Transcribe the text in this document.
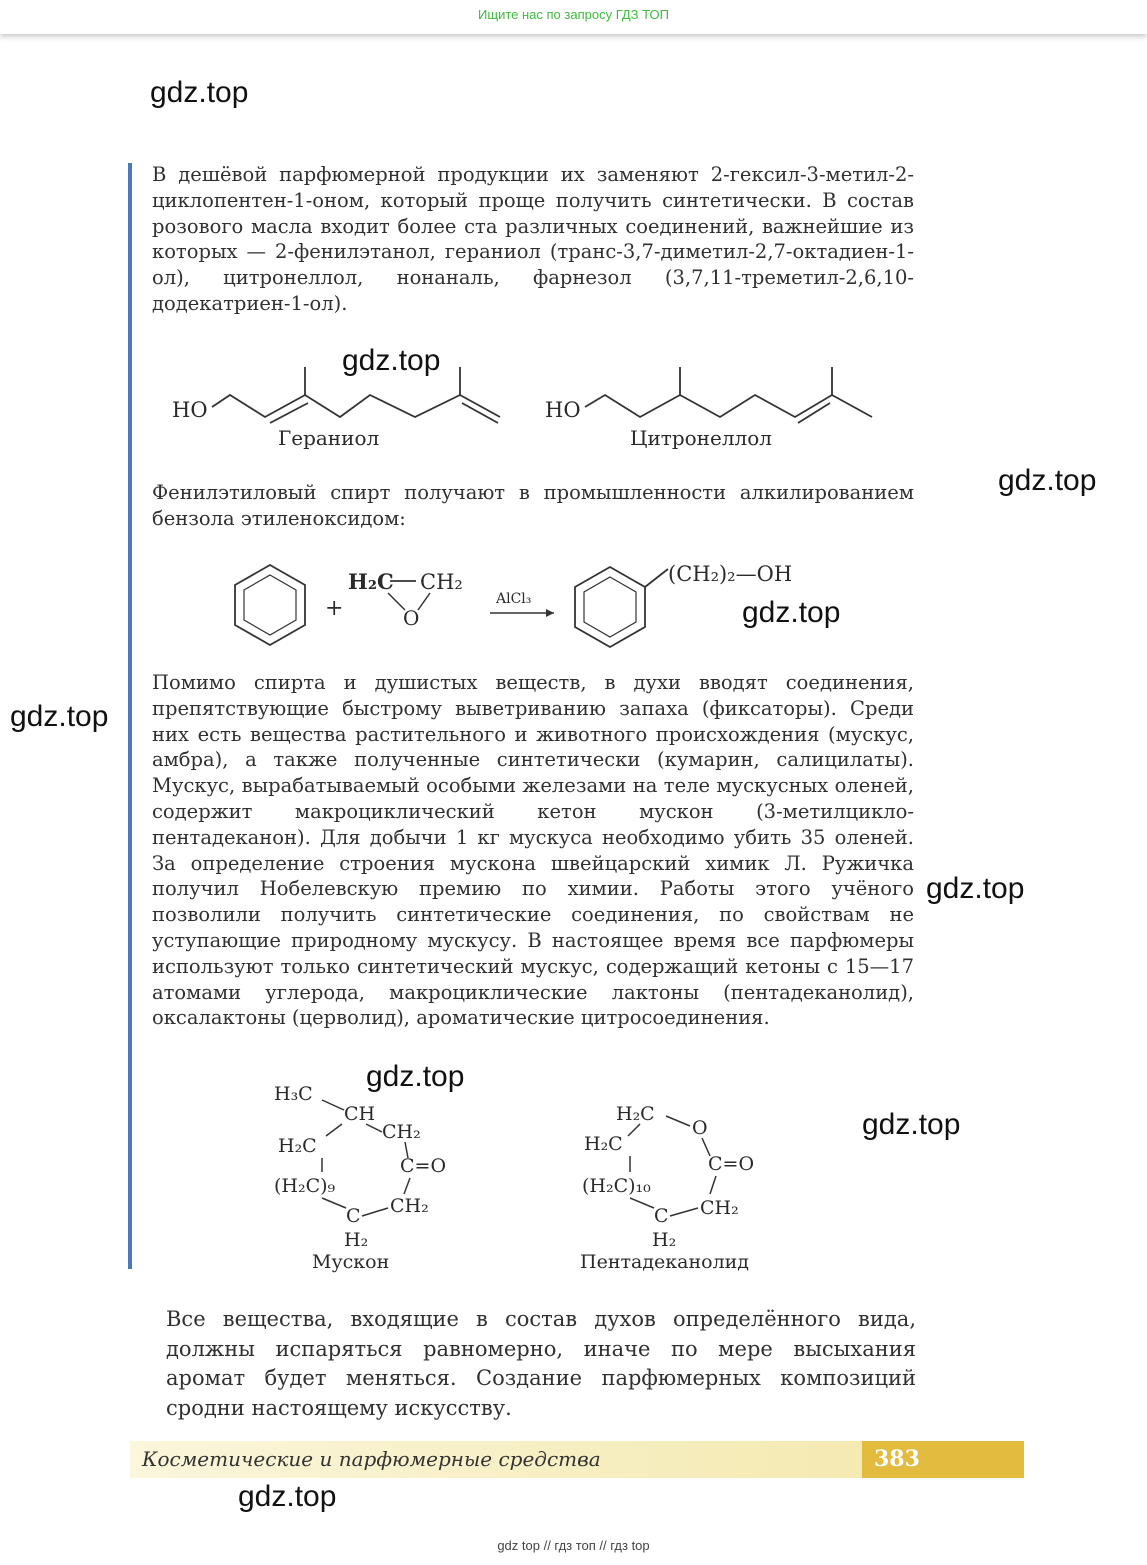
Ищите нас по запросу ГДЗ ТОП
В дешёвой парфюмерной продукции их заменяют 2-гексил-3-метил-2-циклопентен-1-оном, который проще получить синтетически. В состав розового масла входит более ста различных соединений, важнейшие из которых — 2-фенилэтанол, гераниол (транс-3,7-диметил-2,7-октадиен-1-ол), цитронеллол, нонаналь, фарнезол (3,7,11-треметил-2,6,10-додекатриен-1-ол).
HO
Гераниол
HO
Цитронеллол
Фенилэтиловый спирт получают в промышленности алкилированием бензола этиленоксидом:
+
H₂C CH₂
O
AlCl₃
(CH₂)₂—OH
Помимо спирта и душистых веществ, в духи вводят соединения, препятствующие быстрому выветриванию запаха (фиксаторы). Среди них есть вещества растительного и животного происхождения (мускус, амбра), а также полученные синтетически (кумарин, салицилаты). Мускус, вырабатываемый особыми железами на теле мускусных оленей, содержит макроциклический кетон мускон (3-метилцикло-пентадеканон). Для добычи 1 кг мускуса необходимо убить 35 оленей. За определение строения мускона швейцарский химик Л. Ружичка получил Нобелевскую премию по химии. Работы этого учёного позволили получить синтетические соединения, по свойствам не уступающие природному мускусу. В настоящее время все парфюмеры используют только синтетический мускус, содержащий кетоны с 15—17 атомами углерода, макроциклические лактоны (пентадеканолид), оксалактоны (церволид), ароматические цитросоединения.
H₃C
CH
CH₂
H₂C
C=O
(H₂C)₉
CH₂
C
H₂
Мускон
H₂C
O
H₂C
C=O
(H₂C)₁₀
CH₂
C
H₂
Пентадеканолид
Все вещества, входящие в состав духов определённого вида, должны испаряться равномерно, иначе по мере высыхания аромат будет меняться. Создание парфюмерных композиций сродни настоящему искусству.
Косметические и парфюмерные средства	383
gdz.top
gdz.top
gdz.top
gdz.top
gdz.top
gdz.top
gdz.top
gdz.top
gdz.top
gdz top // гдз топ // гдз top
